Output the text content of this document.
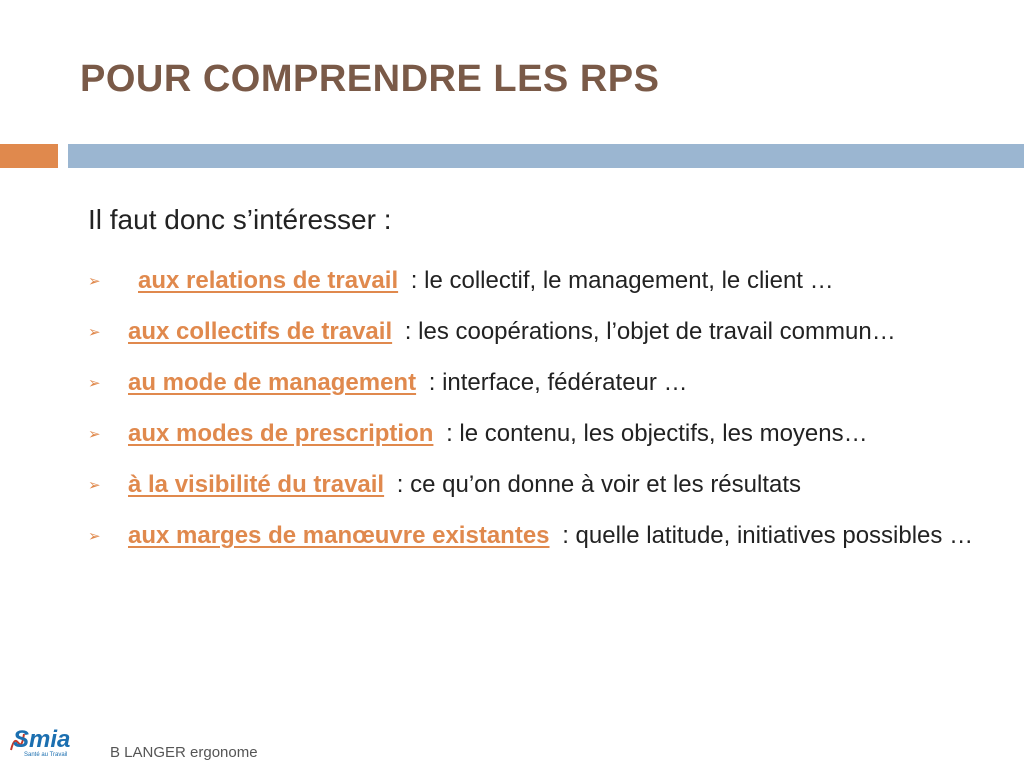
POUR COMPRENDRE LES RPS

Il faut donc s’intéresser :

➢ aux relations de travail : le collectif, le management, le client …
➢ aux collectifs de travail : les coopérations, l’objet de travail commun…
➢ au mode de management : interface, fédérateur …
➢ aux modes de prescription : le contenu, les objectifs, les moyens…
➢ à la visibilité du travail : ce qu’on donne à voir et les résultats
➢ aux marges de manœuvre existantes : quelle latitude, initiatives possibles …
Smia
Santé au Travail	B LANGER ergonome
